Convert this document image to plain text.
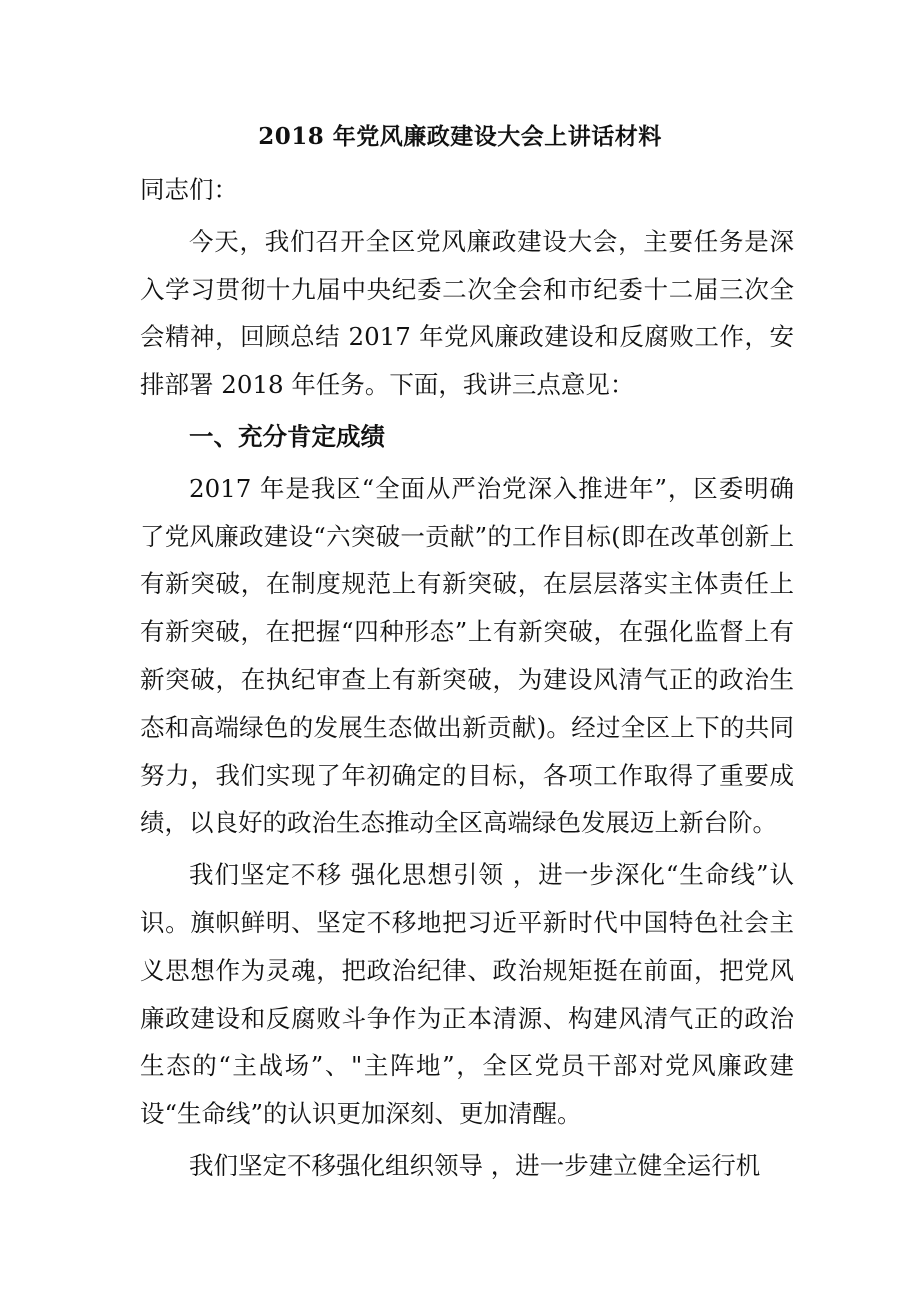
2018 年党风廉政建设大会上讲话材料

同志们：

今天，我们召开全区党风廉政建设大会，主要任务是深入学习贯彻十九届中央纪委二次全会和市纪委十二届三次全会精神，回顾总结 2017 年党风廉政建设和反腐败工作，安排部署 2018 年任务。下面，我讲三点意见：

一、充分肯定成绩

2017 年是我区“全面从严治党深入推进年”，区委明确了党风廉政建设“六突破一贡献”的工作目标(即在改革创新上有新突破，在制度规范上有新突破，在层层落实主体责任上有新突破，在把握“四种形态”上有新突破，在强化监督上有新突破，在执纪审查上有新突破，为建设风清气正的政治生态和高端绿色的发展生态做出新贡献)。经过全区上下的共同努力，我们实现了年初确定的目标，各项工作取得了重要成绩，以良好的政治生态推动全区高端绿色发展迈上新台阶。

我们坚定不移 强化思想引领 ，进一步深化“生命线”认识。旗帜鲜明、坚定不移地把习近平新时代中国特色社会主义思想作为灵魂，把政治纪律、政治规矩挺在前面，把党风廉政建设和反腐败斗争作为正本清源、构建风清气正的政治生态的“主战场”、"主阵地”，全区党员干部对党风廉政建设“生命线”的认识更加深刻、更加清醒。

我们坚定不移强化组织领导 ，进一步建立健全运行机
